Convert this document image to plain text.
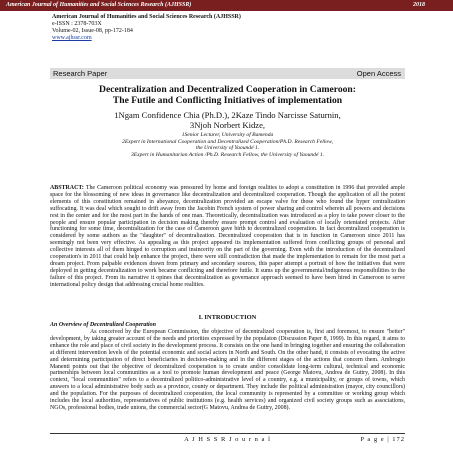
American Journal of Humanities and Social Sciences Research (AJHSSR)	2018
American Journal of Humanities and Social Sciences Research (AJHSSR)
e-ISSN : 2378-703X
Volume-02, Issue-08, pp-172-184
www.ajhssr.com
Research Paper	Open Access
Decentralization and Decentralized Cooperation in Cameroon:
The Futile and Conflicting Initiatives of implementation
1Ngam Confidence Chia (Ph.D.), 2Kaze Tindo Narcisse Saturnin,
3Njoh Norbert Kidze,
1Senior Lecturer, University of Bamenda
2Expert in International Cooperation and Decentralized Cooperation/Ph.D. Research Fellow,
the University of Yaoundé 1.
3Expert in Humanitarian Action /Ph.D. Research Fellow, the University of Yaoundé 1.
ABSTRACT: The Cameroon political economy was pressured by home and foreign realities to adopt a constitution in 1996 that provided ample space for the blossoming of new ideas in governance like decentralization and decentralized cooperation. Though the application of all the potent elements of this constitution remained in abeyance, decentralization provided an escape valve for those who found the hyper centralization suffocating. It was deal which sought to drift away from the Jacobin French system of power sharing and control wherein all powers and decisions rest in the center and for the most part in the hands of one man. Theoretically, decentralization was introduced as a ploy to take power closer to the people and ensure popular participation in decision making thereby ensure prompt control and evaluation of locally orientated projects. After functioning for some time, decentralization for the case of Cameroon gave birth to decentralized cooperation. In fact decentralized cooperation is considered by some authors as the "daughter" of decentralization. Decentralized cooperation that is in function in Cameroon since 2011 has seemingly not been very effective. As appealing as this project appeared its implementation suffered from conflicting groups of personal and collective interests all of them hinged to corruption and insincerity on the part of the governing. Even with the introduction of the decentralized cooperation's in 2011 that could help enhance the project, there were still contradiction that made the implementation to remain for the most part a dream project. From palpable evidences drawn from primary and secondary sources, this paper attempt a portrait of how the initiatives that were deployed in getting decentralization to work became conflicting and therefore futile. It sums up the governmental/indigenous responsibilities to the failure of this project. From its narrative it opines that decentralization as governance approach seemed to have been hired in Cameroon to serve international policy design that addressing crucial home realities.
I. INTRODUCTION
An Overview of Decentralized Cooperation
As conceived by the European Commission, the objective of decentralized cooperation is, first and foremost, to ensure "better" development, by taking greater account of the needs and priorities expressed by the populaton (Discussion Paper 8, 1999). In this regard, it aims to enhance the role and place of civil society in the development process. It consists on the one hand in bringing together and ensuring the collaboration at different intervention levels of the potential economic and social actors in North and South. On the other hand, it consists of evocating the active and determining participation of direct beneficiaries in decision-making and in the different stages of the actions that concern them. Ambrogio Manenti points out that the objective of decentralized cooperation is to create and/or consolidate long-term cultural, technical and economic partnerships between local communities as a tool to promote human development and peace (George Matovu, Andrea de Guttry, 2008). In this context, "local communities" refers to a decentralized politico-administrative level of a country, e.g. a municipality, or groups of towns, which answers to a local administrative body such as a province, county or department. They include the political administration (mayor, city councillors) and the population. For the purposes of decentralized cooperation, the local community is represented by a committee or working group which includes the local authorities, representatives of public institutions (e.g. health services) and organized civil society groups such as associations, NGOs, professional bodies, trade unions, the commercial sector(G Matovu, Andrea de Guttry, 2008).
A J H S S R J o u r n a l	P a g e | 172
